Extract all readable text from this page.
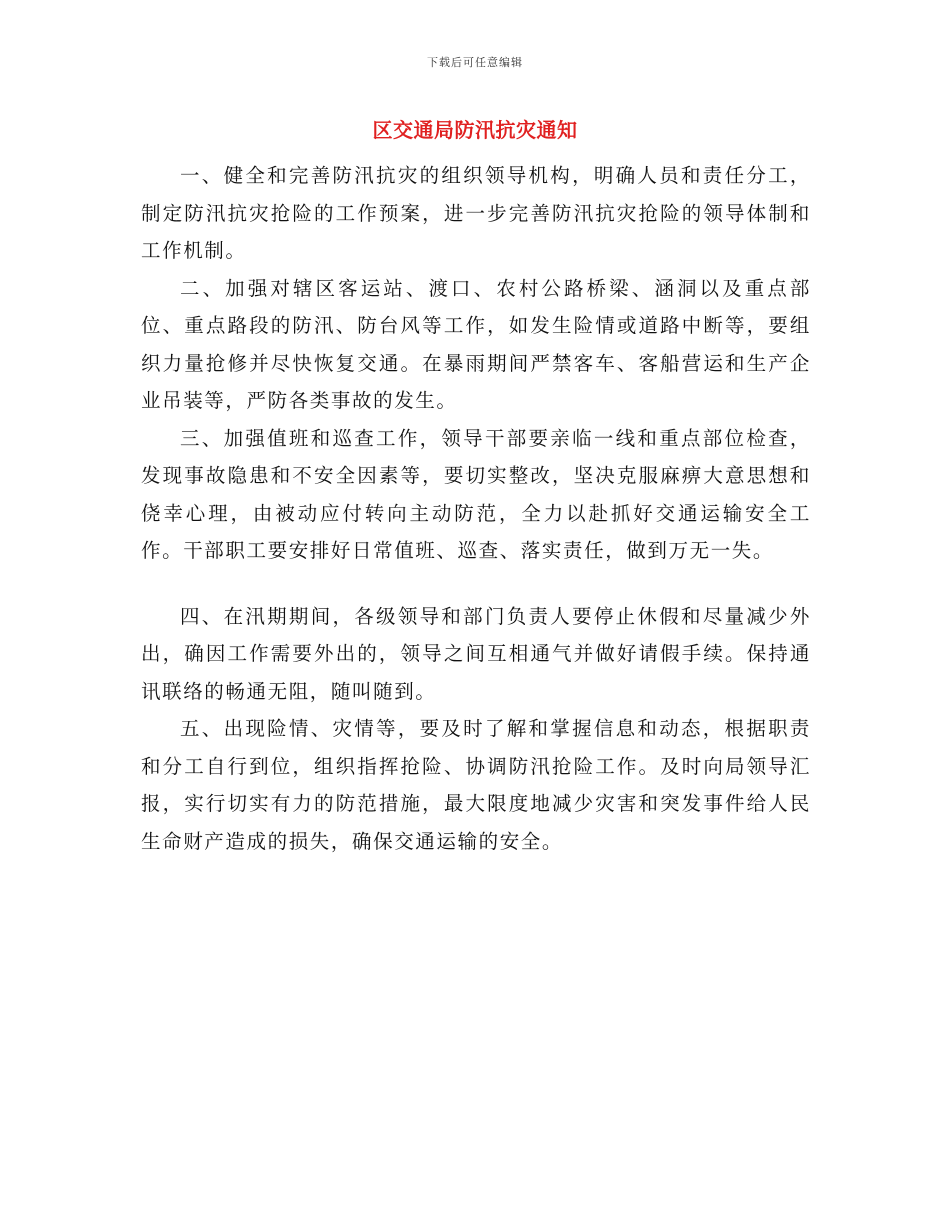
下载后可任意编辑
区交通局防汛抗灾通知

一、健全和完善防汛抗灾的组织领导机构，明确人员和责任分工，制定防汛抗灾抢险的工作预案，进一步完善防汛抗灾抢险的领导体制和工作机制。

二、加强对辖区客运站、渡口、农村公路桥梁、涵洞以及重点部位、重点路段的防汛、防台风等工作，如发生险情或道路中断等，要组织力量抢修并尽快恢复交通。在暴雨期间严禁客车、客船营运和生产企业吊装等，严防各类事故的发生。

三、加强值班和巡查工作，领导干部要亲临一线和重点部位检查，发现事故隐患和不安全因素等，要切实整改，坚决克服麻痹大意思想和侥幸心理，由被动应付转向主动防范，全力以赴抓好交通运输安全工作。干部职工要安排好日常值班、巡查、落实责任，做到万无一失。

四、在汛期期间，各级领导和部门负责人要停止休假和尽量减少外出，确因工作需要外出的，领导之间互相通气并做好请假手续。保持通讯联络的畅通无阻，随叫随到。

五、出现险情、灾情等，要及时了解和掌握信息和动态，根据职责和分工自行到位，组织指挥抢险、协调防汛抢险工作。及时向局领导汇报，实行切实有力的防范措施，最大限度地减少灾害和突发事件给人民生命财产造成的损失，确保交通运输的安全。
